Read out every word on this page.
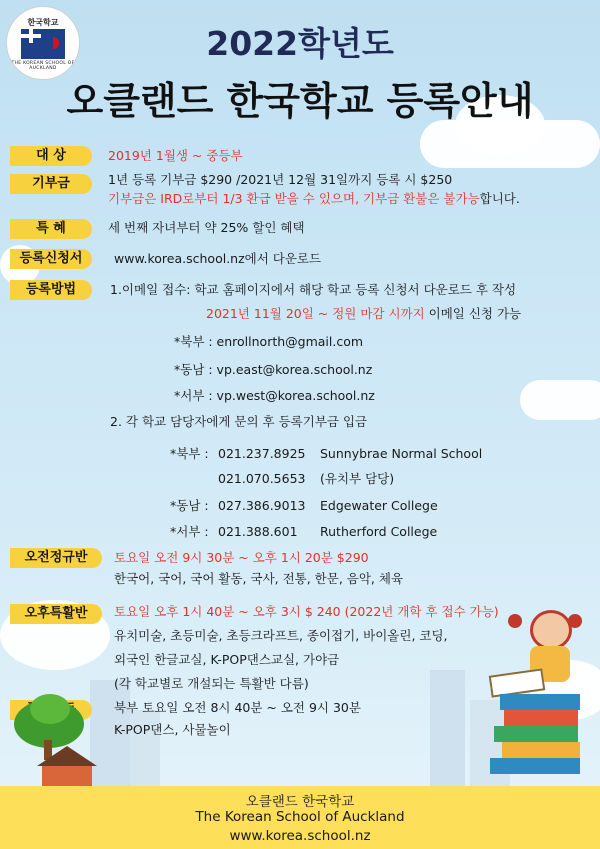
한국학교
THE KOREAN SCHOOL OF AUCKLAND
2022학년도
오클랜드 한국학교 등록안내
대 상	2019년 1월생 ~ 중등부
기부금	1년 등록 기부금 $290 /2021년 12월 31일까지 등록 시 $250
기부금은 IRD로부터 1/3 환급 받을 수 있으며, 기부금 환불은 불가능합니다.
특 혜	세 번째 자녀부터 약 25% 할인 혜택
등록신청서	www.korea.school.nz에서 다운로드
등록방법	1.이메일 접수: 학교 홈페이지에서 해당 학교 등록 신청서 다운로드 후 작성
2021년 11월 20일 ~ 정원 마감 시까지 이메일 신청 가능
*북부 : enrollnorth@gmail.com
*동남 : vp.east@korea.school.nz
*서부 : vp.west@korea.school.nz
2. 각 학교 담당자에게 문의 후 등록기부금 입금
*북부 : 021.237.8925 Sunnybrae Normal School
021.070.5653 (유치부 담당)
*동남 : 027.386.9013 Edgewater College
*서부 : 021.388.601 Rutherford College
오전정규반	토요일 오전 9시 30분 ~ 오후 1시 20분 $290
한국어, 국어, 국어 활동, 국사, 전통, 한문, 음악, 체육
오후특활반	토요일 오후 1시 40분 ~ 오후 3시 $ 240 (2022년 개학 후 접수 가능)
유치미술, 초등미술, 초등크라프트, 종이접기, 바이올린, 코딩,
외국인 한글교실, K-POP댄스교실, 가야금
(각 학교별로 개설되는 특활반 다름)
북부 토요일 오전 8시 40분 ~ 오전 9시 30분
K-POP댄스, 사물놀이
오클랜드 한국학교
The Korean School of Auckland
www.korea.school.nz
